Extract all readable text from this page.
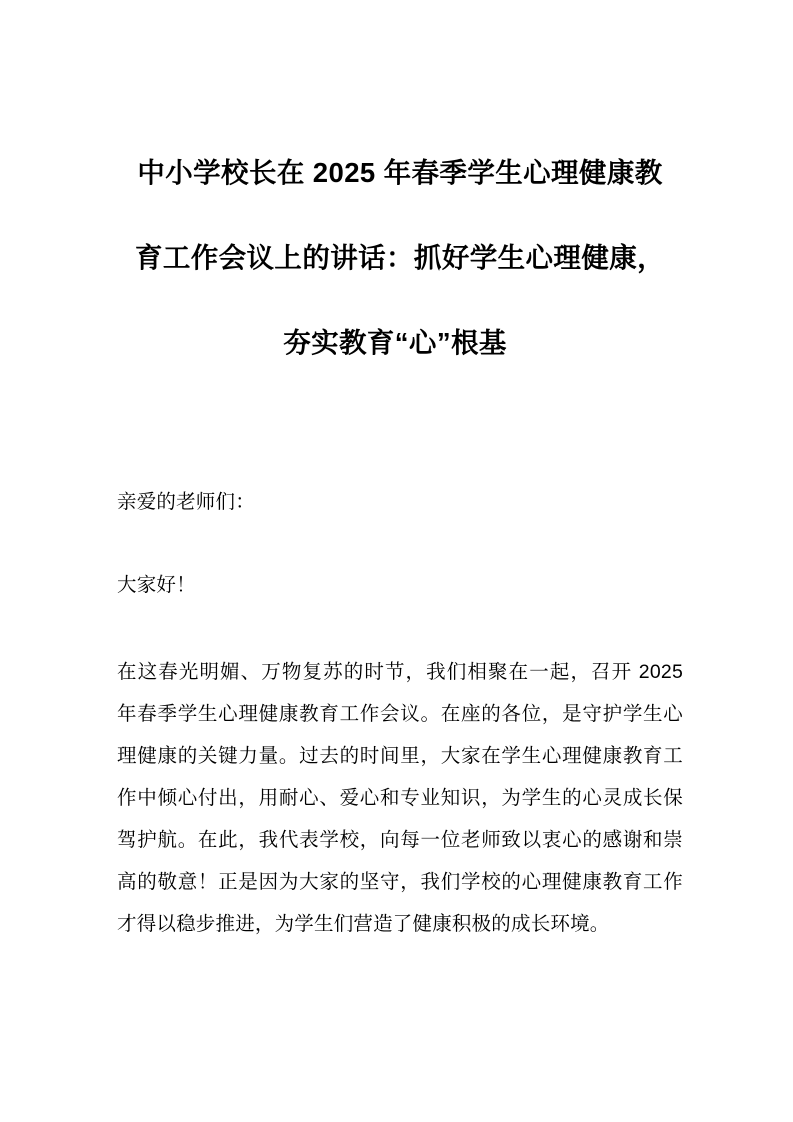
中小学校长在 2025 年春季学生心理健康教
育工作会议上的讲话：抓好学生心理健康，
夯实教育“心”根基

亲爱的老师们：

大家好！

在这春光明媚、万物复苏的时节，我们相聚在一起，召开 2025 年春季学生心理健康教育工作会议。在座的各位，是守护学生心理健康的关键力量。过去的时间里，大家在学生心理健康教育工作中倾心付出，用耐心、爱心和专业知识，为学生的心灵成长保驾护航。在此，我代表学校，向每一位老师致以衷心的感谢和崇高的敬意！正是因为大家的坚守，我们学校的心理健康教育工作才得以稳步推进，为学生们营造了健康积极的成长环境。
